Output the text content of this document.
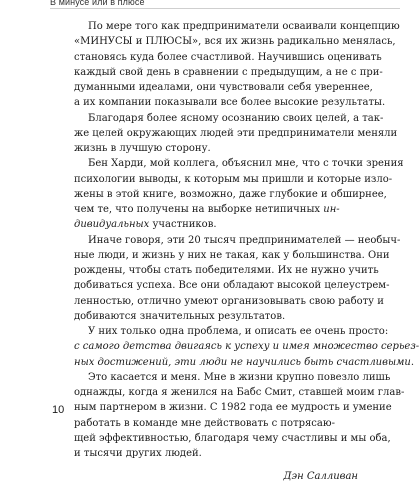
В минусе или в плюсе
По мере того как предприниматели осваивали концепцию
«МИНУСЫ и ПЛЮСЫ», вся их жизнь радикально менялась,
становясь куда более счастливой. Научившись оценивать
каждый свой день в сравнении с предыдущим, а не с при-
думанными идеалами, они чувствовали себя увереннее,
а их компании показывали все более высокие результаты.
Благодаря более ясному осознанию своих целей, а так-
же целей окружающих людей эти предприниматели меняли
жизнь в лучшую сторону.
Бен Харди, мой коллега, объяснил мне, что с точки зрения
психологии выводы, к которым мы пришли и которые изло-
жены в этой книге, возможно, даже глубокие и обширнее,
чем те, что получены на выборке нетипичных ин-
дивидуальных участников.
Иначе говоря, эти 20 тысяч предпринимателей — необыч-
ные люди, и жизнь у них не такая, как у большинства. Они
рождены, чтобы стать победителями. Их не нужно учить
добиваться успеха. Все они обладают высокой целеустрем-
ленностью, отлично умеют организовывать свою работу и
добиваются значительных результатов.
У них только одна проблема, и описать ее очень просто:
с самого детства двигаясь к успеху и имея множество серьез-
ных достижений, эти люди не научились быть счастливыми.
Это касается и меня. Мне в жизни крупно повезло лишь
однажды, когда я женился на Бабс Смит, ставшей моим глав-
ным партнером в жизни. С 1982 года ее мудрость и умение
работать в команде мне действовать с потрясаю-
щей эффективностью, благодаря чему счастливы и мы оба,
и тысячи других людей.
Дэн Салливан
10
